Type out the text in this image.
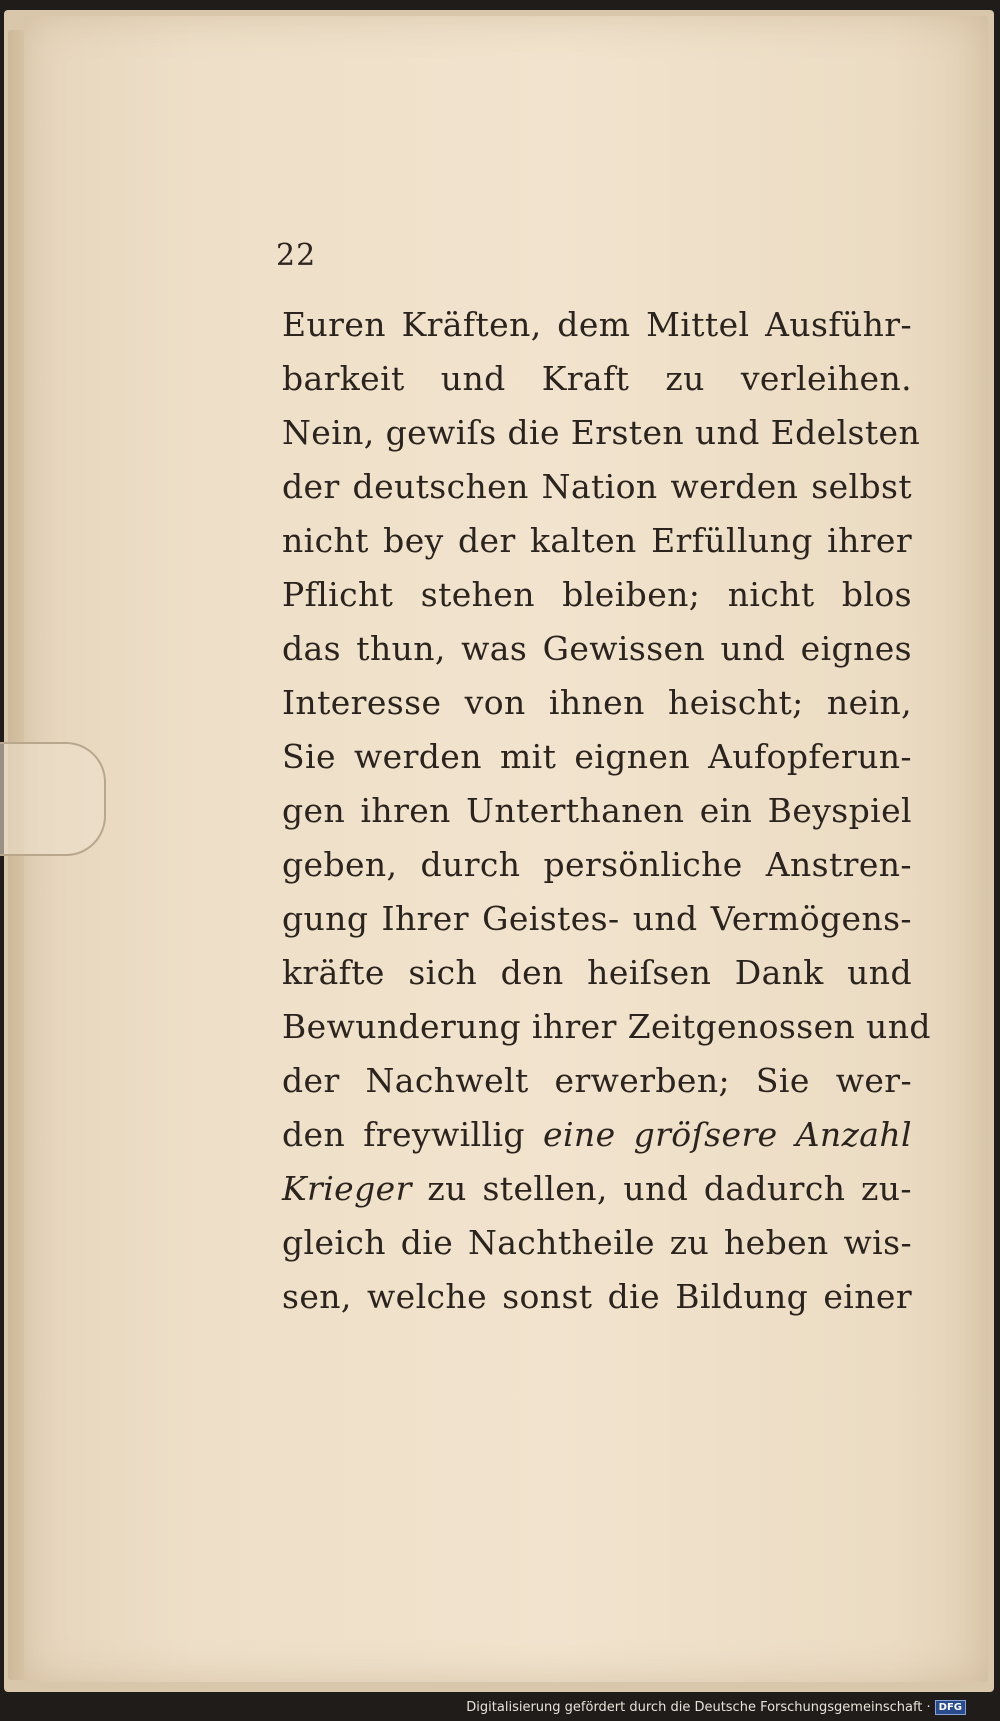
22
Euren Kräften, dem Mittel Ausführ-
barkeit und Kraft zu verleihen.
Nein, gewiſs die Ersten und Edelsten
der deutschen Nation werden selbst
nicht bey der kalten Erfüllung ihrer
Pflicht stehen bleiben; nicht blos
das thun, was Gewissen und eignes
Interesse von ihnen heischt; nein,
Sie werden mit eignen Aufopferun-
gen ihren Unterthanen ein Beyspiel
geben, durch persönliche Anstren-
gung Ihrer Geistes- und Vermögens-
kräfte sich den heiſsen Dank und
Bewunderung ihrer Zeitgenossen und
der Nachwelt erwerben; Sie wer-
den freywillig eine gröſsere Anzahl
Krieger zu stellen, und dadurch zu-
gleich die Nachtheile zu heben wis-
sen, welche sonst die Bildung einer
Digitalisierung gefördert durch die Deutsche Forschungsgemeinschaft · DFG
